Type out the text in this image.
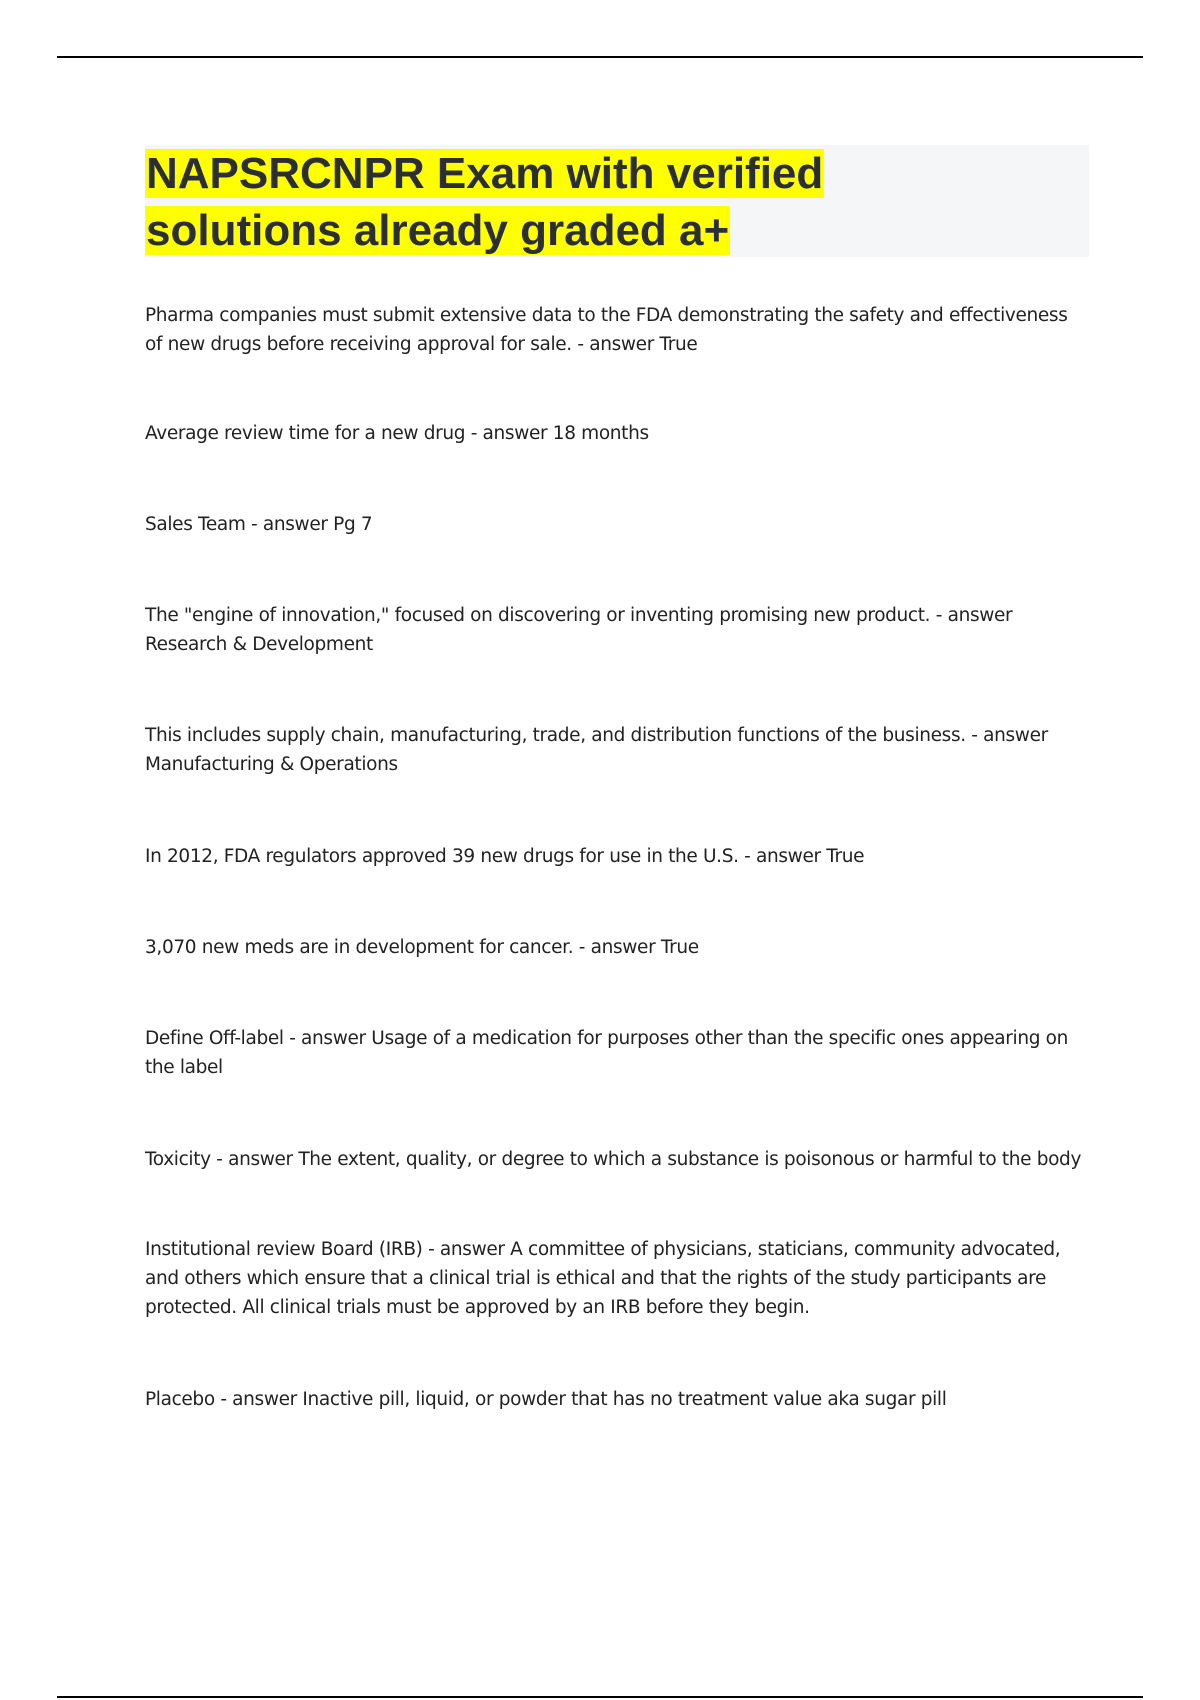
NAPSRCNPR Exam with verified solutions already graded a+

Pharma companies must submit extensive data to the FDA demonstrating the safety and effectiveness of new drugs before receiving approval for sale. - answer True

Average review time for a new drug - answer 18 months

Sales Team - answer Pg 7

The "engine of innovation," focused on discovering or inventing promising new product. - answer Research & Development

This includes supply chain, manufacturing, trade, and distribution functions of the business. - answer Manufacturing & Operations

In 2012, FDA regulators approved 39 new drugs for use in the U.S. - answer True

3,070 new meds are in development for cancer. - answer True

Define Off-label - answer Usage of a medication for purposes other than the specific ones appearing on the label

Toxicity - answer The extent, quality, or degree to which a substance is poisonous or harmful to the body

Institutional review Board (IRB) - answer A committee of physicians, staticians, community advocated, and others which ensure that a clinical trial is ethical and that the rights of the study participants are protected. All clinical trials must be approved by an IRB before they begin.

Placebo - answer Inactive pill, liquid, or powder that has no treatment value aka sugar pill
